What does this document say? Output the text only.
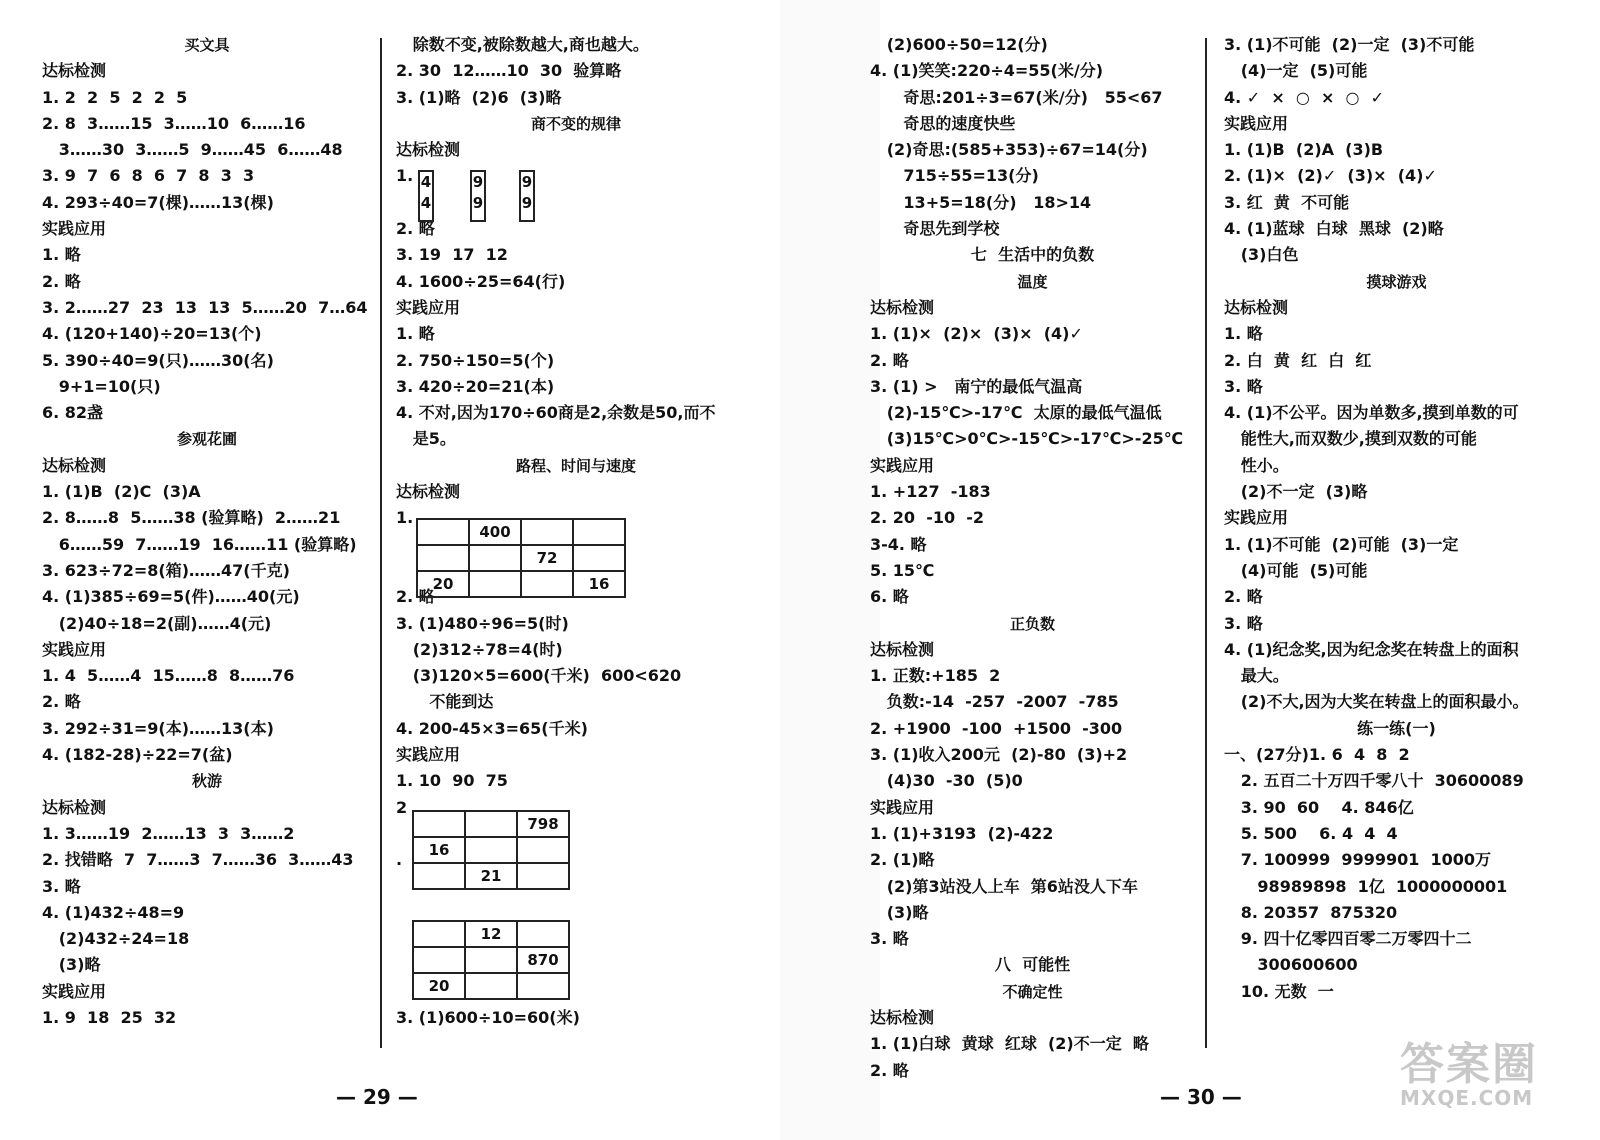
买文具
达标检测
1. 2  2  5  2  2  5
2. 8  3……15  3……10  6……16
3……30  3……5  9……45  6……48
3. 9  7  6  8  6  7  8  3  3
4. 293÷40=7(棵)……13(棵)
实践应用
1. 略
2. 略
3. 2……27  23  13  13  5……20  7…64
4. (120+140)÷20=13(个)
5. 390÷40=9(只)……30(名)
9+1=10(只)
6. 82盏
参观花圃
达标检测
1. (1)B  (2)C  (3)A
2. 8……8  5……38 (验算略)  2……21
6……59  7……19  16……11 (验算略)
3. 623÷72=8(箱)……47(千克)
4. (1)385÷69=5(件)……40(元)
(2)40÷18=2(副)……4(元)
实践应用
1. 4  5……4  15……8  8……76
2. 略
3. 292÷31=9(本)……13(本)
4. (182-28)÷22=7(盆)
秋游
达标检测
1. 3……19  2……13  3  3……2
2. 找错略  7  7……3  7……36  3……43
3. 略
4. (1)432÷48=9
(2)432÷24=18
(3)略
实践应用
1. 9  18  25  32
除数不变,被除数越大,商也越大。
2. 30  12……10  30  验算略
3. (1)略  (2)6  (3)略
商不变的规律
达标检测
1.
2. 略
3. 19  17  12
4. 1600÷25=64(行)
实践应用
1. 略
2. 750÷150=5(个)
3. 420÷20=21(本)
4. 不对,因为170÷60商是2,余数是50,而不
是5。
路程、时间与速度
达标检测
1.
2. 略
3. (1)480÷96=5(时)
(2)312÷78=4(时)
(3)120×5=600(千米)  600<620
不能到达
4. 200-45×3=65(千米)
实践应用
1. 10  90  75
2
.
3. (1)600÷10=60(米)
(2)600÷50=12(分)
4. (1)笑笑:220÷4=55(米/分)
奇思:201÷3=67(米/分)   55<67
奇思的速度快些
(2)奇思:(585+353)÷67=14(分)
715÷55=13(分)
13+5=18(分)   18>14
奇思先到学校
七  生活中的负数
温度
达标检测
1. (1)×  (2)×  (3)×  (4)✓
2. 略
3. (1) >   南宁的最低气温高
(2)-15℃>-17℃  太原的最低气温低
(3)15℃>0℃>-15℃>-17℃>-25℃
实践应用
1. +127  -183
2. 20  -10  -2
3-4. 略
5. 15℃
6. 略
正负数
达标检测
1. 正数:+185  2
负数:-14  -257  -2007  -785
2. +1900  -100  +1500  -300
3. (1)收入200元  (2)-80  (3)+2
(4)30  -30  (5)0
实践应用
1. (1)+3193  (2)-422
2. (1)略
(2)第3站没人上车  第6站没人下车
(3)略
3. 略
八  可能性
不确定性
达标检测
1. (1)白球  黄球  红球  (2)不一定  略
2. 略
3. (1)不可能  (2)一定  (3)不可能
(4)一定  (5)可能
4. ✓  ×  ○  ×  ○  ✓
实践应用
1. (1)B  (2)A  (3)B
2. (1)×  (2)✓  (3)×  (4)✓
3. 红  黄  不可能
4. (1)蓝球  白球  黑球  (2)略
(3)白色
摸球游戏
达标检测
1. 略
2. 白  黄  红  白  红
3. 略
4. (1)不公平。因为单数多,摸到单数的可
能性大,而双数少,摸到双数的可能
性小。
(2)不一定  (3)略
实践应用
1. (1)不可能  (2)可能  (3)一定
(4)可能  (5)可能
2. 略
3. 略
4. (1)纪念奖,因为纪念奖在转盘上的面积
最大。
(2)不大,因为大奖在转盘上的面积最小。
练一练(一)
一、(27分)1. 6  4  8  2
2. 五百二十万四千零八十  30600089
3. 90  60    4. 846亿
5. 500    6. 4  4  4
7. 100999  9999901  1000万
98989898  1亿  1000000001
8. 20357  875320
9. 四十亿零四百零二万零四十二
300600600
10. 无数  一
4
4
9
9
9
9
	400		
		72	
20			16
		798
16		
	21	
	12	
		870
20		
— 29 —	— 30 —
答案圈
MXQE.COM
